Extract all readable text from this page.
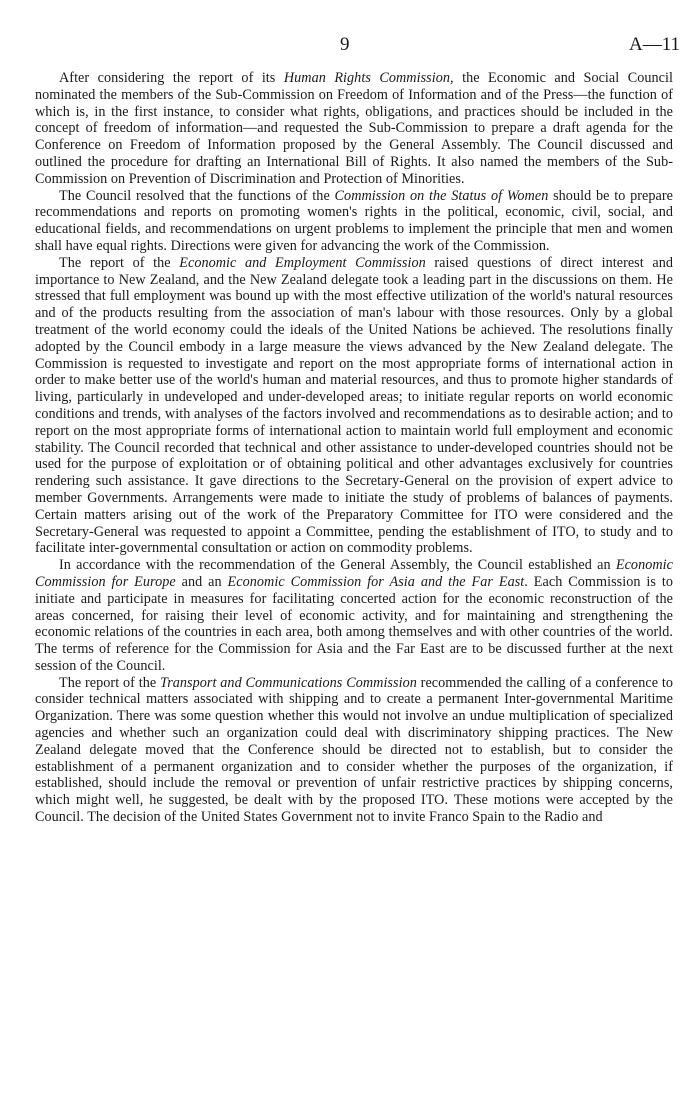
9	A—11

After considering the report of its Human Rights Commission, the Economic and Social Council nominated the members of the Sub-Commission on Freedom of Information and of the Press—the function of which is, in the first instance, to consider what rights, obligations, and practices should be included in the concept of freedom of information—and requested the Sub-Commission to prepare a draft agenda for the Conference on Freedom of Information proposed by the General Assembly. The Council discussed and outlined the procedure for drafting an International Bill of Rights. It also named the members of the Sub-Commission on Prevention of Discrimination and Protection of Minorities.

The Council resolved that the functions of the Commission on the Status of Women should be to prepare recommendations and reports on promoting women's rights in the political, economic, civil, social, and educational fields, and recommendations on urgent problems to implement the principle that men and women shall have equal rights. Directions were given for advancing the work of the Commission.

The report of the Economic and Employment Commission raised questions of direct interest and importance to New Zealand, and the New Zealand delegate took a leading part in the discussions on them. He stressed that full employment was bound up with the most effective utilization of the world's natural resources and of the products resulting from the association of man's labour with those resources. Only by a global treatment of the world economy could the ideals of the United Nations be achieved. The resolutions finally adopted by the Council embody in a large measure the views advanced by the New Zealand delegate. The Commission is requested to investigate and report on the most appropriate forms of international action in order to make better use of the world's human and material resources, and thus to promote higher standards of living, particularly in undeveloped and under-developed areas; to initiate regular reports on world economic conditions and trends, with analyses of the factors involved and recommendations as to desirable action; and to report on the most appropriate forms of international action to maintain world full employment and economic stability. The Council recorded that technical and other assistance to under-developed countries should not be used for the purpose of exploitation or of obtaining political and other advantages exclusively for countries rendering such assistance. It gave directions to the Secretary-General on the provision of expert advice to member Governments. Arrangements were made to initiate the study of problems of balances of payments. Certain matters arising out of the work of the Preparatory Committee for ITO were considered and the Secretary-General was requested to appoint a Committee, pending the establishment of ITO, to study and to facilitate inter-governmental consultation or action on commodity problems.

In accordance with the recommendation of the General Assembly, the Council established an Economic Commission for Europe and an Economic Commission for Asia and the Far East. Each Commission is to initiate and participate in measures for facilitating concerted action for the economic reconstruction of the areas concerned, for raising their level of economic activity, and for maintaining and strengthening the economic relations of the countries in each area, both among themselves and with other countries of the world. The terms of reference for the Commission for Asia and the Far East are to be discussed further at the next session of the Council.

The report of the Transport and Communications Commission recommended the calling of a conference to consider technical matters associated with shipping and to create a permanent Inter-governmental Maritime Organization. There was some question whether this would not involve an undue multiplication of specialized agencies and whether such an organization could deal with discriminatory shipping practices. The New Zealand delegate moved that the Conference should be directed not to establish, but to consider the establishment of a permanent organization and to consider whether the purposes of the organization, if established, should include the removal or prevention of unfair restrictive practices by shipping concerns, which might well, he suggested, be dealt with by the proposed ITO. These motions were accepted by the Council. The decision of the United States Government not to invite Franco Spain to the Radio and
